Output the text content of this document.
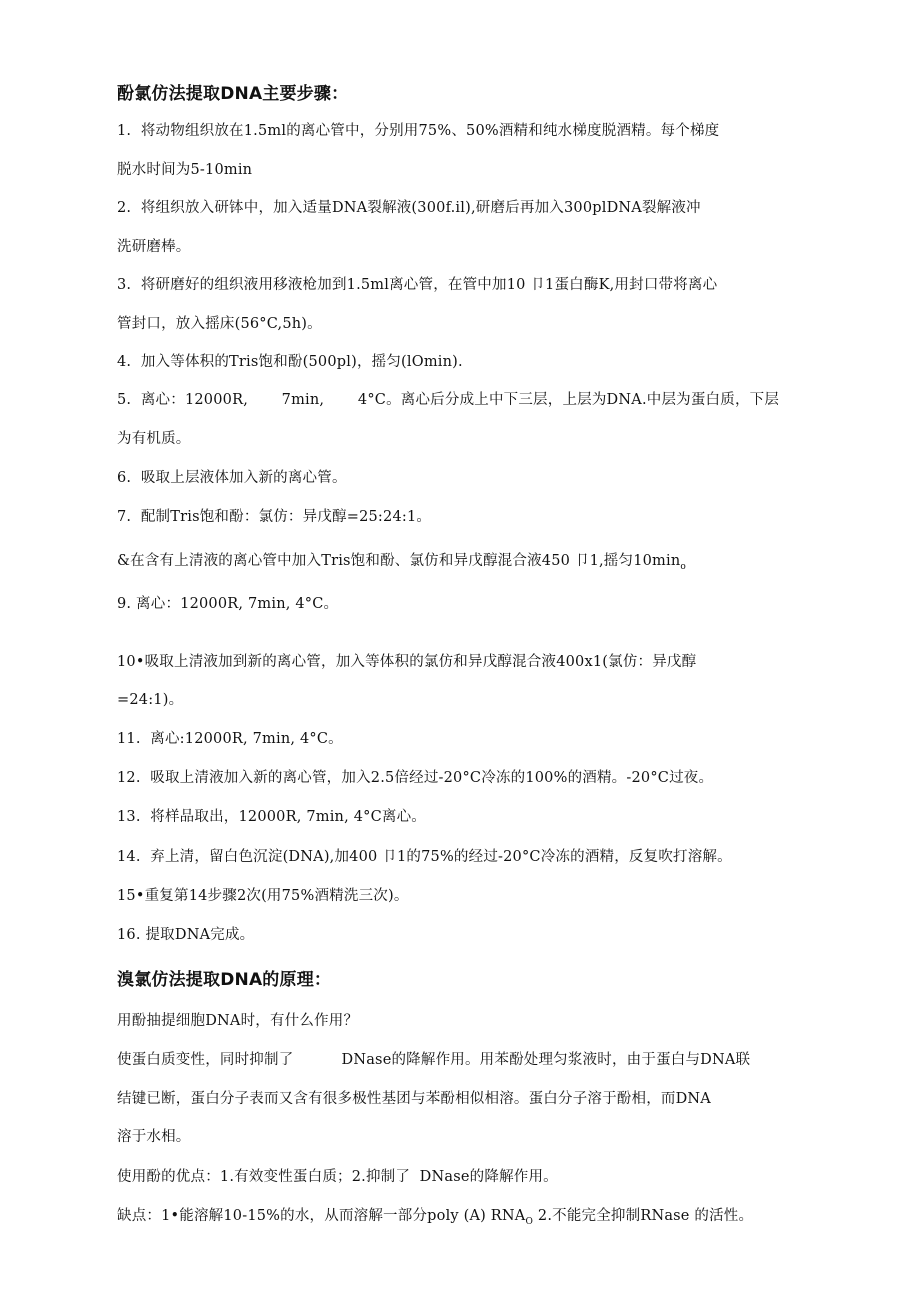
酚氯仿法提取DNA主要步骤：
1.  将动物组织放在1.5ml的离心管中，分别用75%、50%酒精和纯水梯度脱酒精。每个梯度
脱水时间为5-10min
2.  将组织放入研钵中，加入适量DNA裂解液(300f.il),研磨后再加入300plDNA裂解液冲
洗研磨棒。
3.  将研磨好的组织液用移液枪加到1.5ml离心管，在管中加10 卩1蛋白酶K,用封口带将离心
管封口，放入摇床(56°C,5h)。
4.  加入等体积的Tris饱和酚(500pl)，摇匀(lOmin).
5.  离心：12000R,       7min,       4°C。离心后分成上中下三层，上层为DNA.中层为蛋白质，下层
为有机质。
6.  吸取上层液体加入新的离心管。
7.  配制Tris饱和酚：氯仿：异戊醇=25:24:1。
&在含有上清液的离心管中加入Tris饱和酚、氯仿和异戊醇混合液450 卩1,摇匀$10\min_o$
9. 离心：12000R, 7min, 4°C。
10•吸取上清液加到新的离心管，加入等体积的氯仿和异戊醇混合液400x1(氯仿：异戊醇
=24:1)。
11.  离心:12000R, 7min, 4°C。
12.  吸取上清液加入新的离心管，加入2.5倍经过-20°C冷冻的100%的酒精。-20°C过夜。
13.  将样品取出，12000R, 7min, 4°C离心。
14.  弃上清，留白色沉淀(DNA),加400 卩1的75%的经过-20°C冷冻的酒精，反复吹打溶解。
15•重复第14步骤2次(用75%酒精洗三次)。
16. 提取DNA完成。
溴氯仿法提取DNA的原理：
用酚抽提细胞DNA时，有什么作用？
使蛋白质变性，同时抑制了          DNase的降解作用。用苯酚处理匀浆液时，由于蛋白与DNA联
结键已断，蛋白分子表而又含有很多极性基团与苯酚相似相溶。蛋白分子溶于酚相，而DNA
溶于水相。
使用酚的优点：1.有效变性蛋白质；2.抑制了  DNase的降解作用。
缺点：1•能溶解10-15%的水，从而溶解一部分poly (A) $RNA_O$ 2.不能完全抑制RNase 的活性。
